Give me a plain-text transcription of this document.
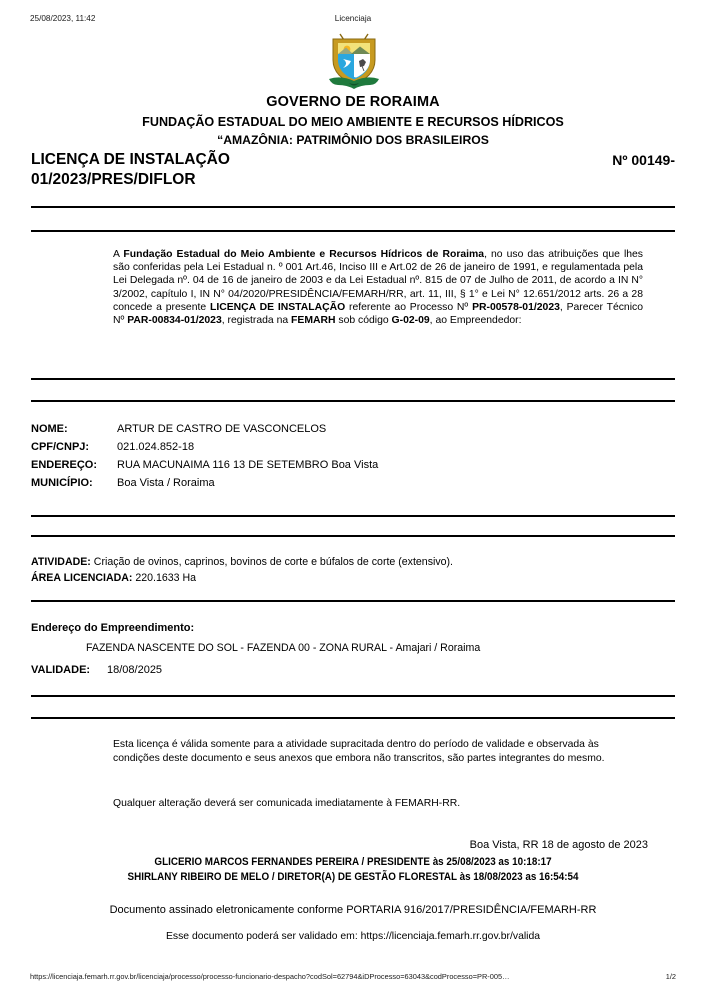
25/08/2023, 11:42	Licenciaja
GOVERNO DE RORAIMA
FUNDAÇÃO ESTADUAL DO MEIO AMBIENTE E RECURSOS HÍDRICOS
“AMAZÔNIA: PATRIMÔNIO DOS BRASILEIROS
Nº 00149-
LICENÇA DE INSTALAÇÃO
01/2023/PRES/DIFLOR
A Fundação Estadual do Meio Ambiente e Recursos Hídricos de Roraima, no uso das atribuições que lhes são conferidas pela Lei Estadual n. º 001 Art.46, Inciso III e Art.02 de 26 de janeiro de 1991, e regulamentada pela Lei Delegada nº. 04 de 16 de janeiro de 2003 e da Lei Estadual nº. 815 de 07 de Julho de 2011, de acordo a IN N° 3/2002, capítulo I, IN N° 04/2020/PRESIDÊNCIA/FEMARH/RR, art. 11, III, § 1° e Lei N° 12.651/2012 arts. 26 a 28 concede a presente LICENÇA DE INSTALAÇÃO referente ao Processo Nº PR-00578-01/2023, Parecer Técnico Nº PAR-00834-01/2023, registrada na FEMARH sob código G-02-09, ao Empreendedor:
NOME:	ARTUR DE CASTRO DE VASCONCELOS
CPF/CNPJ:	021.024.852-18
ENDEREÇO: RUA MACUNAIMA 116 13 DE SETEMBRO Boa Vista
MUNICÍPIO: Boa Vista / Roraima
ATIVIDADE: Criação de ovinos, caprinos, bovinos de corte e búfalos de corte (extensivo).
ÁREA LICENCIADA: 220.1633 Ha
Endereço do Empreendimento:
FAZENDA NASCENTE DO SOL - FAZENDA 00 - ZONA RURAL - Amajari / Roraima
VALIDADE: 18/08/2025
Esta licença é válida somente para a atividade supracitada dentro do período de validade e observada às condições deste documento e seus anexos que embora não transcritos, são partes integrantes do mesmo.
Qualquer alteração deverá ser comunicada imediatamente à FEMARH-RR.
Boa Vista, RR 18 de agosto de 2023
GLICERIO MARCOS FERNANDES PEREIRA / PRESIDENTE às 25/08/2023 as 10:18:17
SHIRLANY RIBEIRO DE MELO / DIRETOR(A) DE GESTÃO FLORESTAL às 18/08/2023 as 16:54:54
Documento assinado eletronicamente conforme PORTARIA 916/2017/PRESIDÊNCIA/FEMARH-RR
Esse documento poderá ser validado em: https://licenciaja.femarh.rr.gov.br/valida
https://licenciaja.femarh.rr.gov.br/licenciaja/processo/processo-funcionario-despacho?codSol=62794&iDProcesso=63043&codProcesso=PR-005…	1/2
